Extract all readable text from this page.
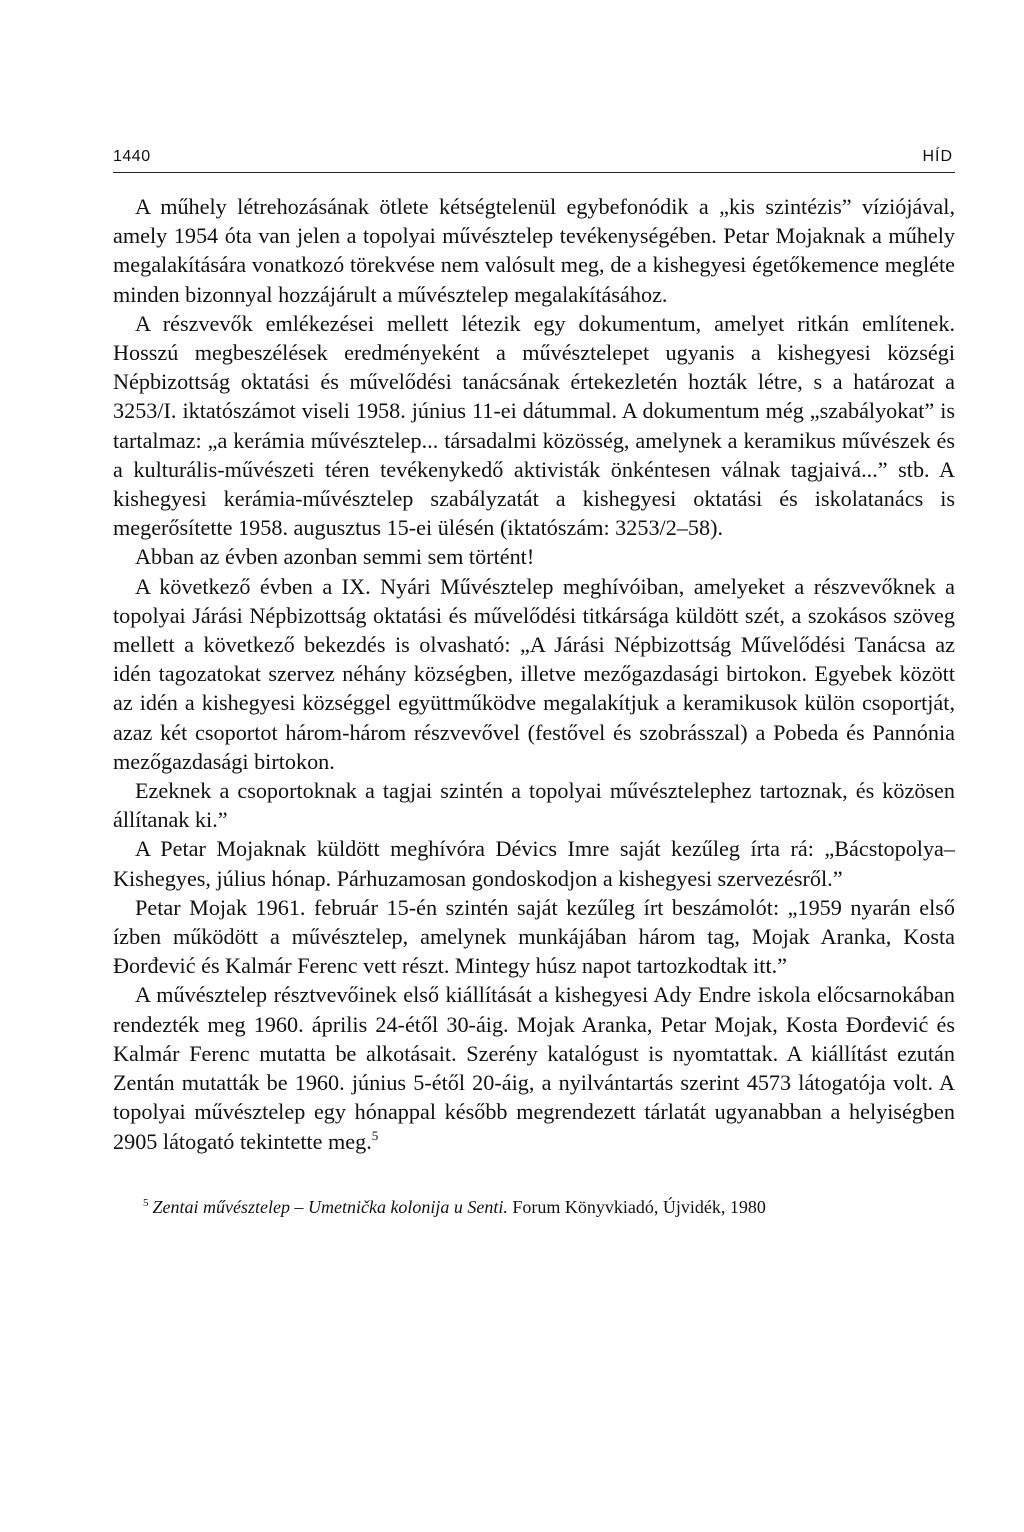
1440	HÍD

A műhely létrehozásának ötlete kétségtelenül egybefonódik a „kis szintézis” víziójával, amely 1954 óta van jelen a topolyai művésztelep tevékenységében. Petar Mojaknak a műhely megalakítására vonatkozó törekvése nem valósult meg, de a kishegyesi égetőkemence megléte minden bizonnyal hozzájárult a művésztelep megalakításához.

A részvevők emlékezései mellett létezik egy dokumentum, amelyet ritkán említenek. Hosszú megbeszélések eredményeként a művésztelepet ugyanis a kishegyesi községi Népbizottság oktatási és művelődési tanácsának értekezletén hozták létre, s a határozat a 3253/I. iktatószámot viseli 1958. június 11-ei dátummal. A dokumentum még „szabályokat” is tartalmaz: „a kerámia művésztelep... társadalmi közösség, amelynek a keramikus művészek és a kulturális-művészeti téren tevékenykedő aktivisták önkéntesen válnak tagjaivá...” stb. A kishegyesi kerámia-művésztelep szabályzatát a kishegyesi oktatási és iskolatanács is megerősítette 1958. augusztus 15-ei ülésén (iktatószám: 3253/2–58).

Abban az évben azonban semmi sem történt!

A következő évben a IX. Nyári Művésztelep meghívóiban, amelyeket a részvevőknek a topolyai Járási Népbizottság oktatási és művelődési titkársága küldött szét, a szokásos szöveg mellett a következő bekezdés is olvasható: „A Járási Népbizottság Művelődési Tanácsa az idén tagozatokat szervez néhány községben, illetve mezőgazdasági birtokon. Egyebek között az idén a kishegyesi községgel együttműködve megalakítjuk a keramikusok külön csoportját, azaz két csoportot három-három részvevővel (festővel és szobrásszal) a Pobeda és Pannónia mezőgazdasági birtokon.

Ezeknek a csoportoknak a tagjai szintén a topolyai művésztelephez tartoznak, és közösen állítanak ki.”

A Petar Mojaknak küldött meghívóra Dévics Imre saját kezűleg írta rá: „Bácstopolya–Kishegyes, július hónap. Párhuzamosan gondoskodjon a kishegyesi szervezésről.”

Petar Mojak 1961. február 15-én szintén saját kezűleg írt beszámolót: „1959 nyarán első ízben működött a művésztelep, amelynek munkájában három tag, Mojak Aranka, Kosta Đorđević és Kalmár Ferenc vett részt. Mintegy húsz napot tartozkodtak itt.”

A művésztelep résztvevőinek első kiállítását a kishegyesi Ady Endre iskola előcsarnokában rendezték meg 1960. április 24-étől 30-áig. Mojak Aranka, Petar Mojak, Kosta Đorđević és Kalmár Ferenc mutatta be alkotásait. Szerény katalógust is nyomtattak. A kiállítást ezután Zentán mutatták be 1960. június 5-étől 20-áig, a nyilvántartás szerint 4573 látogatója volt. A topolyai művésztelep egy hónappal később megrendezett tárlatát ugyanabban a helyiségben 2905 látogató tekintette meg.$^5$

$^5$ Zentai művésztelep – Umetnička kolonija u Senti. Forum Könyvkiadó, Újvidék, 1980
